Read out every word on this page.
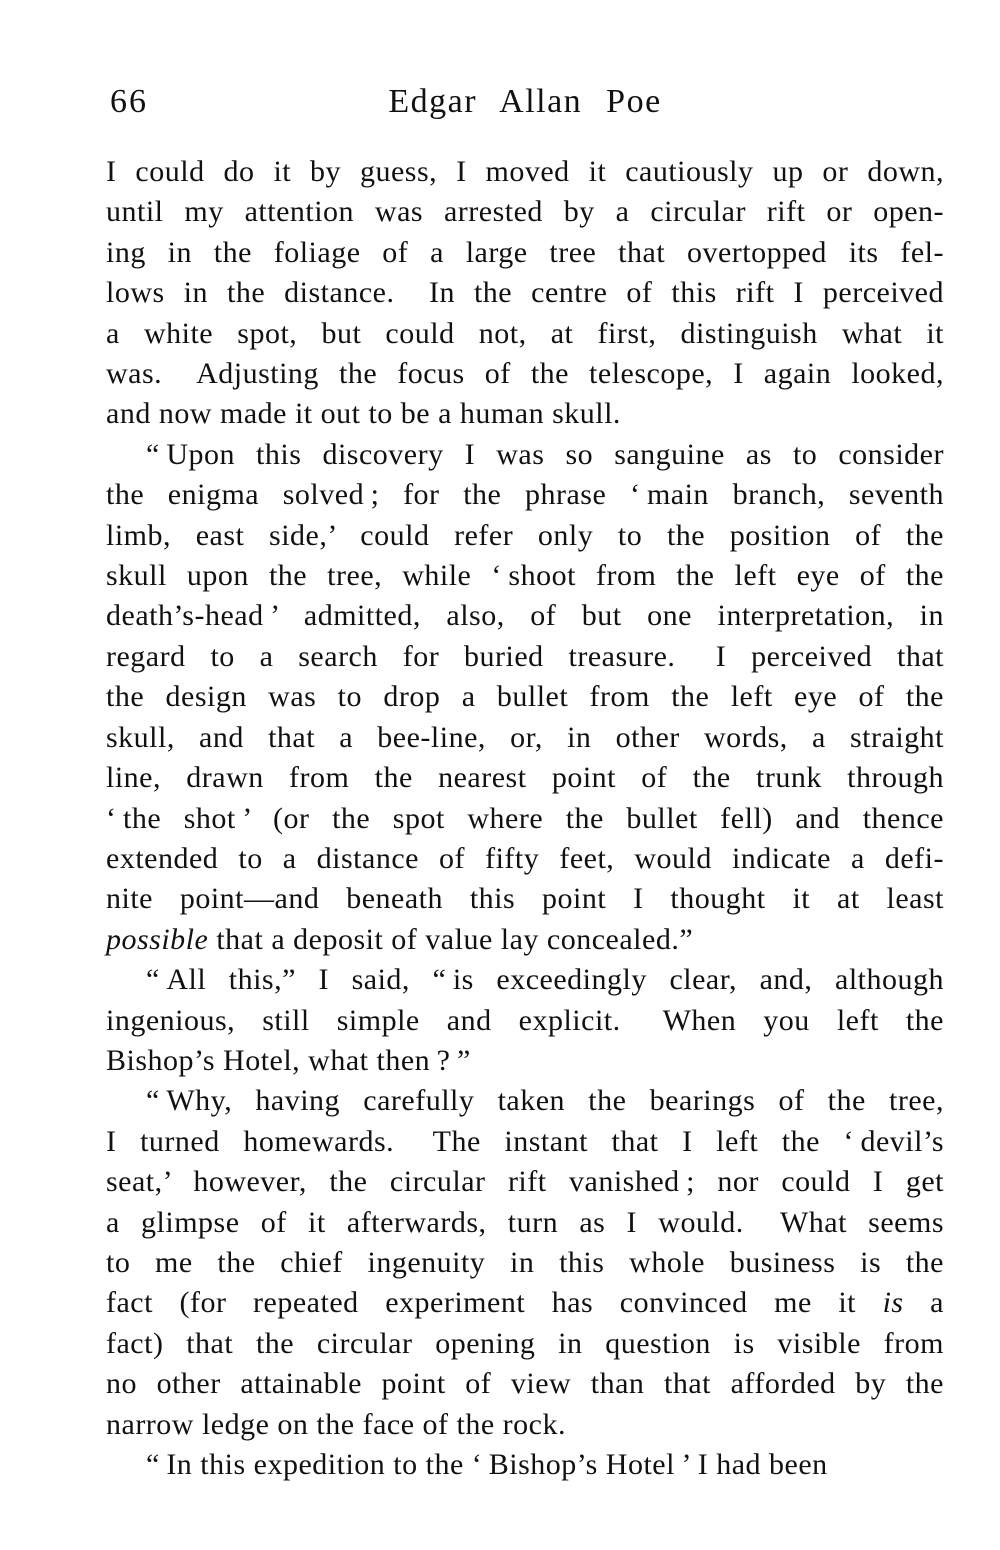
66	Edgar Allan Poe
I could do it by guess, I moved it cautiously up or down,
until my attention was arrested by a circular rift or open-
ing in the foliage of a large tree that overtopped its fel-
lows in the distance.  In the centre of this rift I perceived
a white spot, but could not, at first, distinguish what it
was.  Adjusting the focus of the telescope, I again looked,
and now made it out to be a human skull.
“ Upon this discovery I was so sanguine as to consider
the enigma solved ; for the phrase ‘ main branch, seventh
limb, east side,’ could refer only to the position of the
skull upon the tree, while ‘ shoot from the left eye of the
death’s-head ’ admitted, also, of but one interpretation, in
regard to a search for buried treasure.  I perceived that
the design was to drop a bullet from the left eye of the
skull, and that a bee-line, or, in other words, a straight
line, drawn from the nearest point of the trunk through
‘ the shot ’ (or the spot where the bullet fell) and thence
extended to a distance of fifty feet, would indicate a defi-
nite point—and beneath this point I thought it at least
possible that a deposit of value lay concealed.”
“ All this,” I said, “ is exceedingly clear, and, although
ingenious, still simple and explicit.  When you left the
Bishop’s Hotel, what then ? ”
“ Why, having carefully taken the bearings of the tree,
I turned homewards.  The instant that I left the ‘ devil’s
seat,’ however, the circular rift vanished ; nor could I get
a glimpse of it afterwards, turn as I would.  What seems
to me the chief ingenuity in this whole business is the
fact (for repeated experiment has convinced me it is a
fact) that the circular opening in question is visible from
no other attainable point of view than that afforded by the
narrow ledge on the face of the rock.
“ In this expedition to the ‘ Bishop’s Hotel ’ I had been
